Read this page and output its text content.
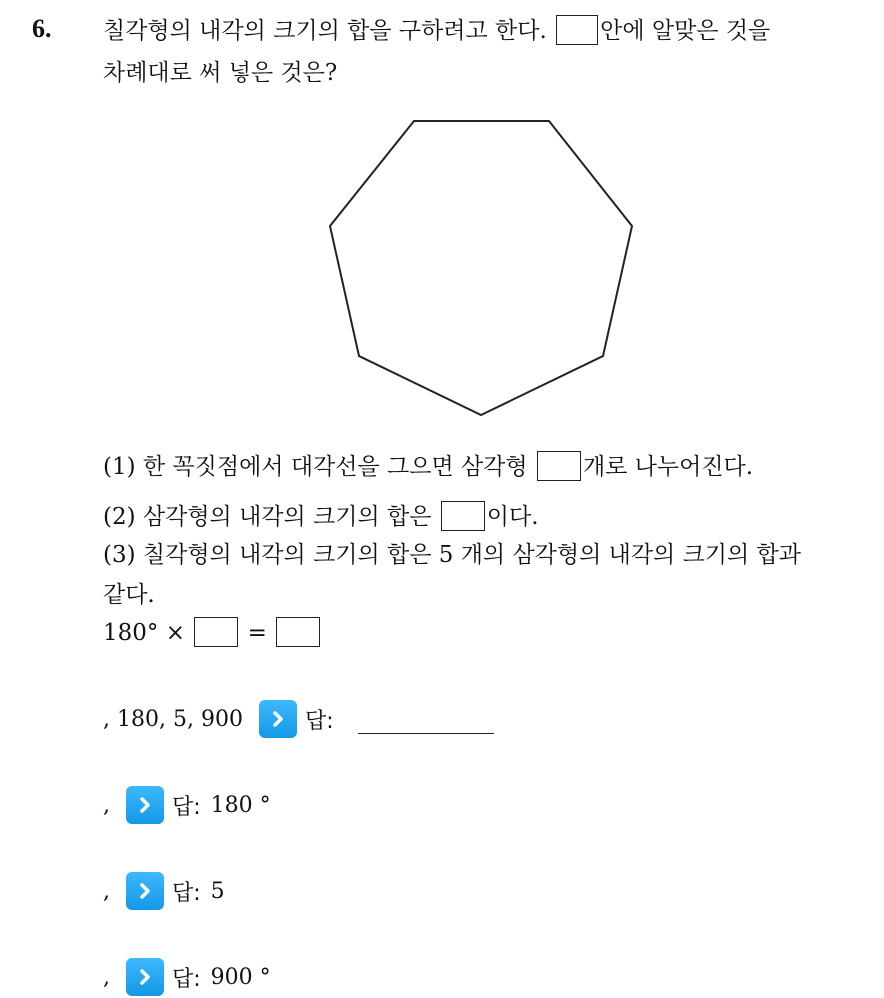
6. 칠각형의 내각의 크기의 합을 구하려고 한다. 안에 알맞은 것을
차례대로 써 넣은 것은?
(1) 한 꼭짓점에서 대각선을 그으면 삼각형 개로 나누어진다.
(2) 삼각형의 내각의 크기의 합은 이다.
(3) 칠각형의 내각의 크기의 합은 5 개의 삼각형의 내각의 크기의 합과
같다.
180° ×	=
, 180, 5, 900	답:
,	답: 180 °
,	답: 5
,	답: 900 °
